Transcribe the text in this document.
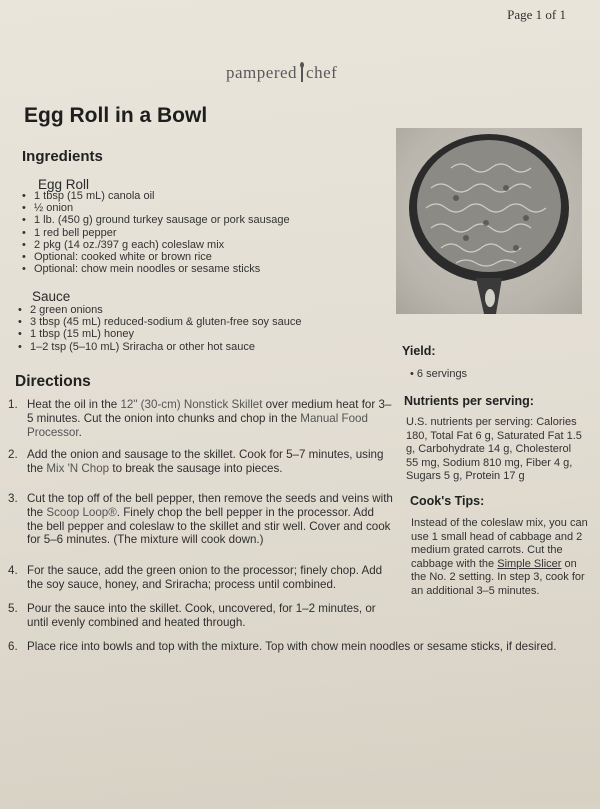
Page 1 of 1
pampered chef
Egg Roll in a Bowl
Ingredients
Egg Roll
• 1 tbsp (15 mL) canola oil
• ½ onion
• 1 lb. (450 g) ground turkey sausage or pork sausage
• 1 red bell pepper
• 2 pkg (14 oz./397 g each) coleslaw mix
• Optional: cooked white or brown rice
• Optional: chow mein noodles or sesame sticks
Sauce
• 2 green onions
• 3 tbsp (45 mL) reduced-sodium & gluten-free soy sauce
• 1 tbsp (15 mL) honey
• 1–2 tsp (5–10 mL) Sriracha or other hot sauce
Directions
1. Heat the oil in the 12" (30-cm) Nonstick Skillet over medium heat for 3–5 minutes. Cut the onion into chunks and chop in the Manual Food Processor.
2. Add the onion and sausage to the skillet. Cook for 5–7 minutes, using the Mix 'N Chop to break the sausage into pieces.
3. Cut the top off of the bell pepper, then remove the seeds and veins with the Scoop Loop®. Finely chop the bell pepper in the processor. Add the bell pepper and coleslaw to the skillet and stir well. Cover and cook for 5–6 minutes. (The mixture will cook down.)
4. For the sauce, add the green onion to the processor; finely chop. Add the soy sauce, honey, and Sriracha; process until combined.
5. Pour the sauce into the skillet. Cook, uncovered, for 1–2 minutes, or until evenly combined and heated through.
6. Place rice into bowls and top with the mixture. Top with chow mein noodles or sesame sticks, if desired.
Yield:
• 6 servings
Nutrients per serving:
U.S. nutrients per serving: Calories 180, Total Fat 6 g, Saturated Fat 1.5 g, Carbohydrate 14 g, Cholesterol 55 mg, Sodium 810 mg, Fiber 4 g, Sugars 5 g, Protein 17 g
Cook's Tips:
Instead of the coleslaw mix, you can use 1 small head of cabbage and 2 medium grated carrots. Cut the cabbage with the Simple Slicer on the No. 2 setting. In step 3, cook for an additional 3–5 minutes.
